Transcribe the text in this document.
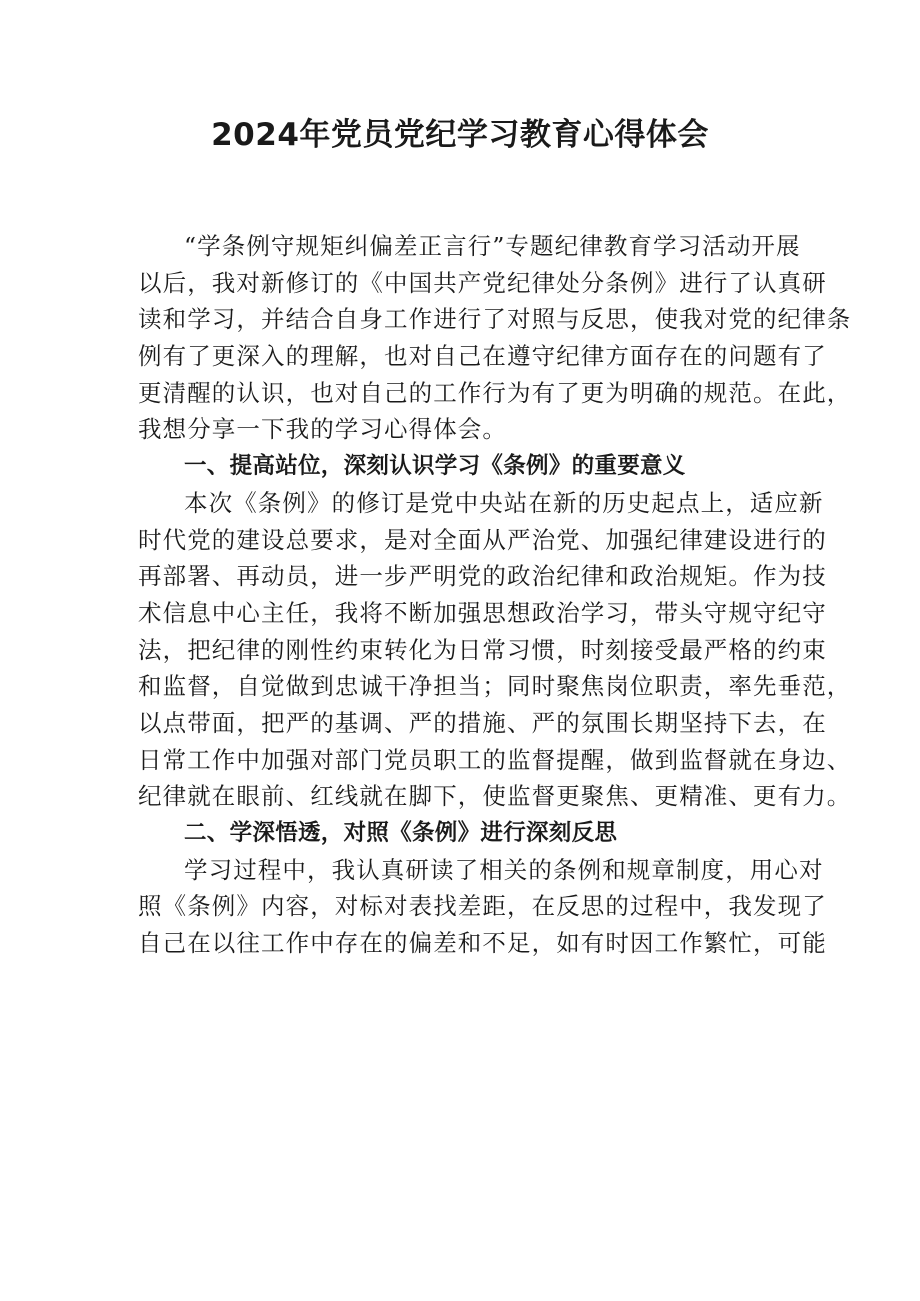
2024年党员党纪学习教育心得体会
“学条例守规矩纠偏差正言行”专题纪律教育学习活动开展
以后，我对新修订的《中国共产党纪律处分条例》进行了认真研
读和学习，并结合自身工作进行了对照与反思，使我对党的纪律条
例有了更深入的理解，也对自己在遵守纪律方面存在的问题有了
更清醒的认识，也对自己的工作行为有了更为明确的规范。在此，
我想分享一下我的学习心得体会。
一、提高站位，深刻认识学习《条例》的重要意义
本次《条例》的修订是党中央站在新的历史起点上，适应新
时代党的建设总要求，是对全面从严治党、加强纪律建设进行的
再部署、再动员，进一步严明党的政治纪律和政治规矩。作为技
术信息中心主任，我将不断加强思想政治学习，带头守规守纪守
法，把纪律的刚性约束转化为日常习惯，时刻接受最严格的约束
和监督，自觉做到忠诚干净担当；同时聚焦岗位职责，率先垂范，
以点带面，把严的基调、严的措施、严的氛围长期坚持下去，在
日常工作中加强对部门党员职工的监督提醒，做到监督就在身边、
纪律就在眼前、红线就在脚下，使监督更聚焦、更精准、更有力。
二、学深悟透，对照《条例》进行深刻反思
学习过程中，我认真研读了相关的条例和规章制度，用心对
照《条例》内容，对标对表找差距，在反思的过程中，我发现了
自己在以往工作中存在的偏差和不足，如有时因工作繁忙，可能
